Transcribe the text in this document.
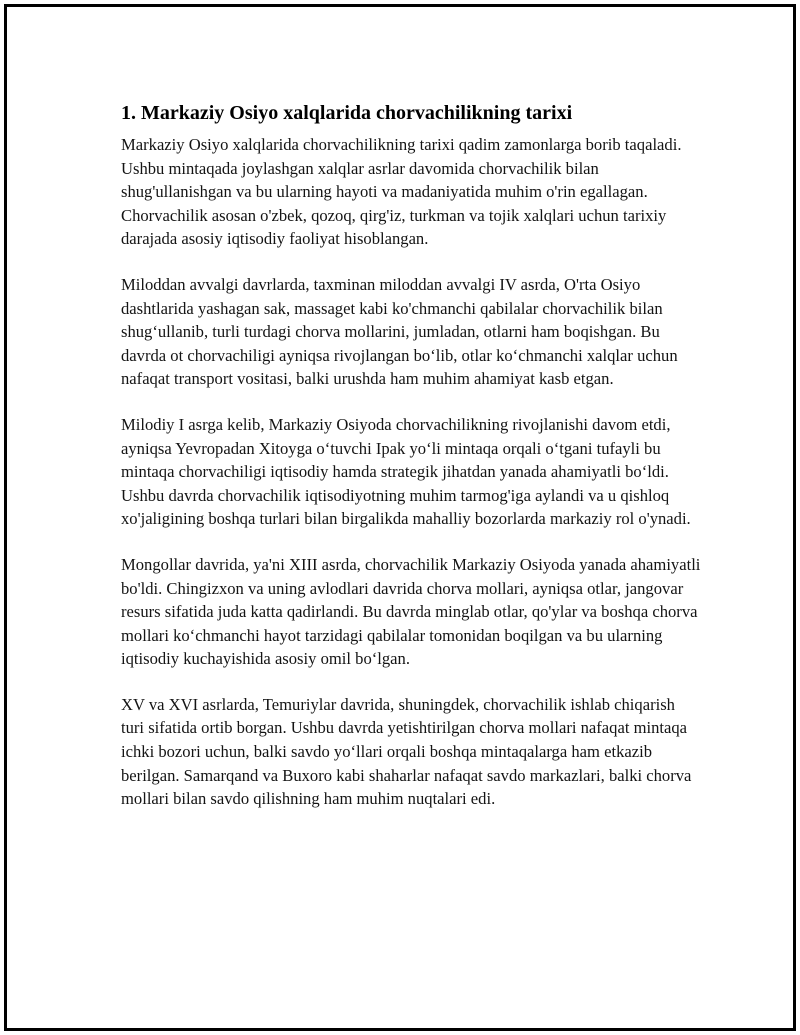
1. Markaziy Osiyo xalqlarida chorvachilikning tarixi

Markaziy Osiyo xalqlarida chorvachilikning tarixi qadim zamonlarga borib taqaladi. Ushbu mintaqada joylashgan xalqlar asrlar davomida chorvachilik bilan shug'ullanishgan va bu ularning hayoti va madaniyatida muhim o'rin egallagan. Chorvachilik asosan o'zbek, qozoq, qirg'iz, turkman va tojik xalqlari uchun tarixiy darajada asosiy iqtisodiy faoliyat hisoblangan.

Miloddan avvalgi davrlarda, taxminan miloddan avvalgi IV asrda, O'rta Osiyo dashtlarida yashagan sak, massaget kabi ko'chmanchi qabilalar chorvachilik bilan shug‘ullanib, turli turdagi chorva mollarini, jumladan, otlarni ham boqishgan. Bu davrda ot chorvachiligi ayniqsa rivojlangan bo‘lib, otlar ko‘chmanchi xalqlar uchun nafaqat transport vositasi, balki urushda ham muhim ahamiyat kasb etgan.

Milodiy I asrga kelib, Markaziy Osiyoda chorvachilikning rivojlanishi davom etdi, ayniqsa Yevropadan Xitoyga o‘tuvchi Ipak yo‘li mintaqa orqali o‘tgani tufayli bu mintaqa chorvachiligi iqtisodiy hamda strategik jihatdan yanada ahamiyatli bo‘ldi. Ushbu davrda chorvachilik iqtisodiyotning muhim tarmog'iga aylandi va u qishloq xo'jaligining boshqa turlari bilan birgalikda mahalliy bozorlarda markaziy rol o'ynadi.

Mongollar davrida, ya'ni XIII asrda, chorvachilik Markaziy Osiyoda yanada ahamiyatli bo'ldi. Chingizxon va uning avlodlari davrida chorva mollari, ayniqsa otlar, jangovar resurs sifatida juda katta qadirlandi. Bu davrda minglab otlar, qo'ylar va boshqa chorva mollari ko‘chmanchi hayot tarzidagi qabilalar tomonidan boqilgan va bu ularning iqtisodiy kuchayishida asosiy omil bo‘lgan.

XV va XVI asrlarda, Temuriylar davrida, shuningdek, chorvachilik ishlab chiqarish turi sifatida ortib borgan. Ushbu davrda yetishtirilgan chorva mollari nafaqat mintaqa ichki bozori uchun, balki savdo yo‘llari orqali boshqa mintaqalarga ham etkazib berilgan. Samarqand va Buxoro kabi shaharlar nafaqat savdo markazlari, balki chorva mollari bilan savdo qilishning ham muhim nuqtalari edi.
